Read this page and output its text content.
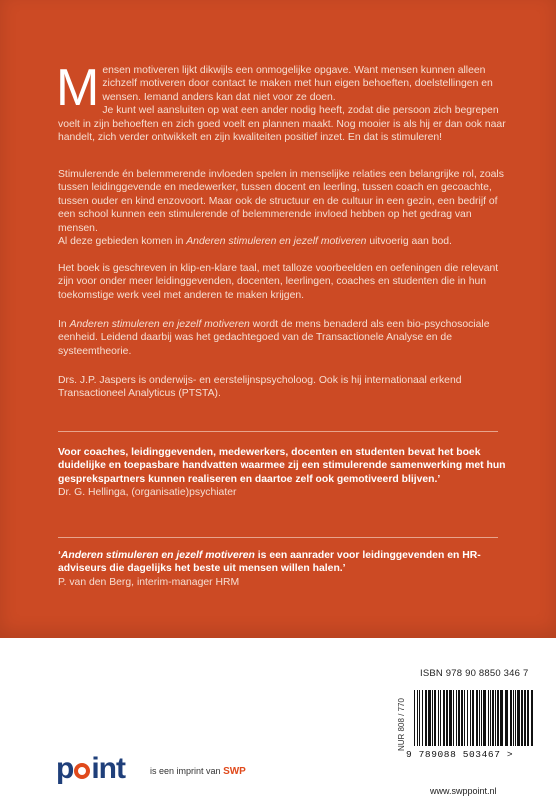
Mensen motiveren lijkt dikwijls een onmogelijke opgave. Want mensen kunnen alleen zichzelf motiveren door contact te maken met hun eigen behoeften, doelstellingen en wensen. Iemand anders kan dat niet voor ze doen.

Je kunt wel aansluiten op wat een ander nodig heeft, zodat die persoon zich begrepen voelt in zijn behoeften en zich goed voelt en plannen maakt. Nog mooier is als hij er dan ook naar handelt, zich verder ontwikkelt en zijn kwaliteiten positief inzet. En dat is stimuleren!

Stimulerende én belemmerende invloeden spelen in menselijke relaties een belangrijke rol, zoals tussen leidinggevende en medewerker, tussen docent en leerling, tussen coach en gecoachte, tussen ouder en kind enzovoort. Maar ook de structuur en de cultuur in een gezin, een bedrijf of een school kunnen een stimulerende of belemmerende invloed hebben op het gedrag van mensen.

Al deze gebieden komen in Anderen stimuleren en jezelf motiveren uitvoerig aan bod.

Het boek is geschreven in klip-en-klare taal, met talloze voorbeelden en oefeningen die relevant zijn voor onder meer leidinggevenden, docenten, leerlingen, coaches en studenten die in hun toekomstige werk veel met anderen te maken krijgen.

In Anderen stimuleren en jezelf motiveren wordt de mens benaderd als een bio-psychosociale eenheid. Leidend daarbij was het gedachtegoed van de Transactionele Analyse en de systeemtheorie.

Drs. J.P. Jaspers is onderwijs- en eerstelijnspsycholoog. Ook is hij internationaal erkend Transactioneel Analyticus (PTSTA).

Voor coaches, leidinggevenden, medewerkers, docenten en studenten bevat het boek duidelijke en toepasbare handvatten waarmee zij een stimulerende samenwerking met hun gesprekspartners kunnen realiseren en daartoe zelf ook gemotiveerd blijven.’

Dr. G. Hellinga, (organisatie)psychiater

‘Anderen stimuleren en jezelf motiveren is een aanrader voor leidinggevenden en HR-adviseurs die dagelijks het beste uit mensen willen halen.’

P. van den Berg, interim-manager HRM

p int	is een imprint van SWP
ISBN 978 90 8850 346 7
NUR 808 / 770
9 789088 503467 >
www.swppoint.nl
